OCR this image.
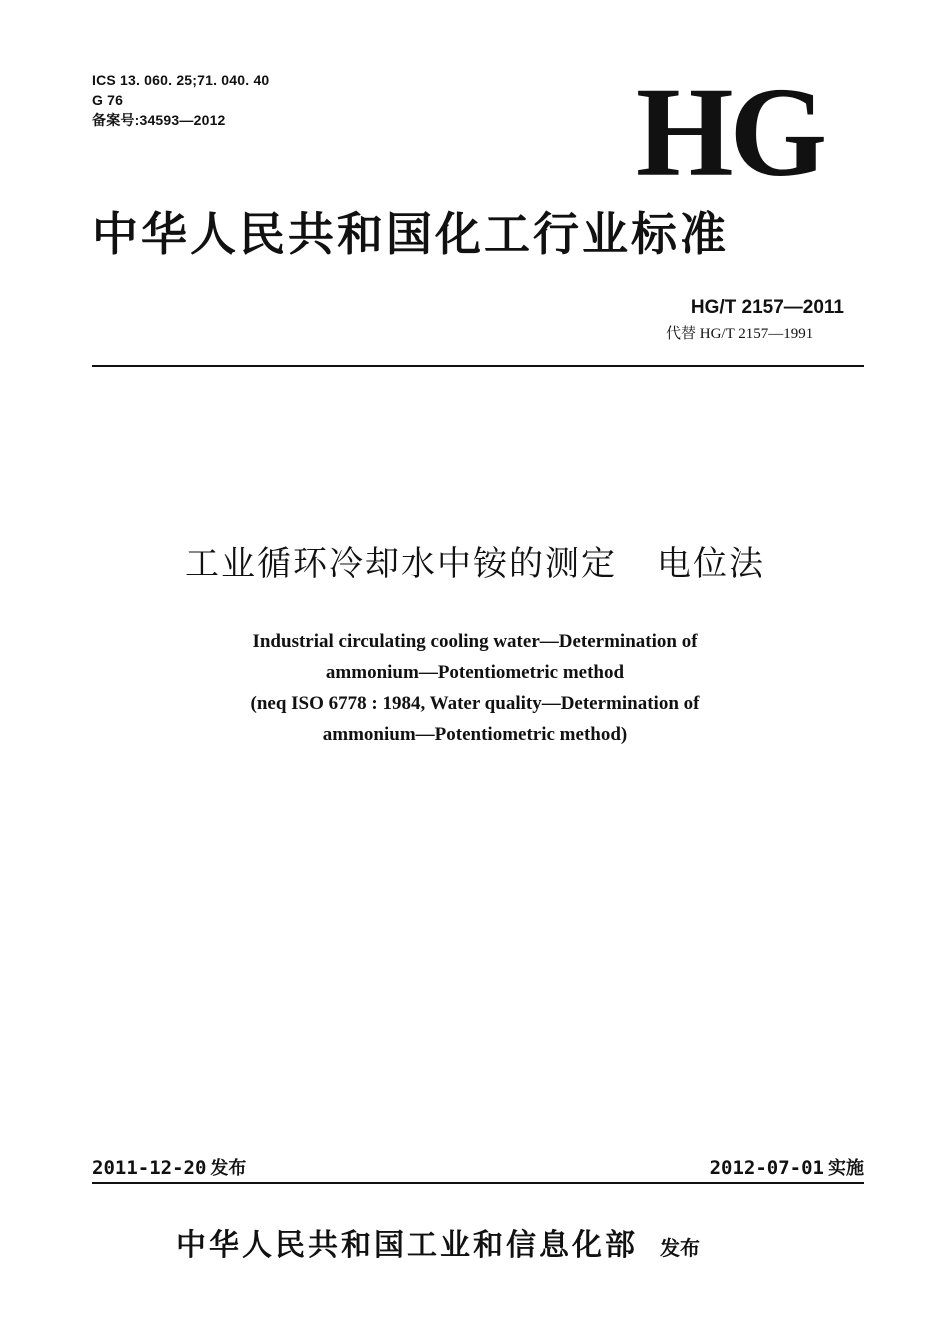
ICS 13. 060. 25;71. 040. 40
G 76
备案号:34593—2012	HG
中华人民共和国化工行业标准
HG/T 2157—2011
代替 HG/T 2157—1991
工业循环冷却水中铵的测定 电位法
Industrial circulating cooling water—Determination of
ammonium—Potentiometric method
(neq ISO 6778 : 1984, Water quality—Determination of
ammonium—Potentiometric method)
2011-12-20 发布	2012-07-01 实施
中华人民共和国工业和信息化部 发布
